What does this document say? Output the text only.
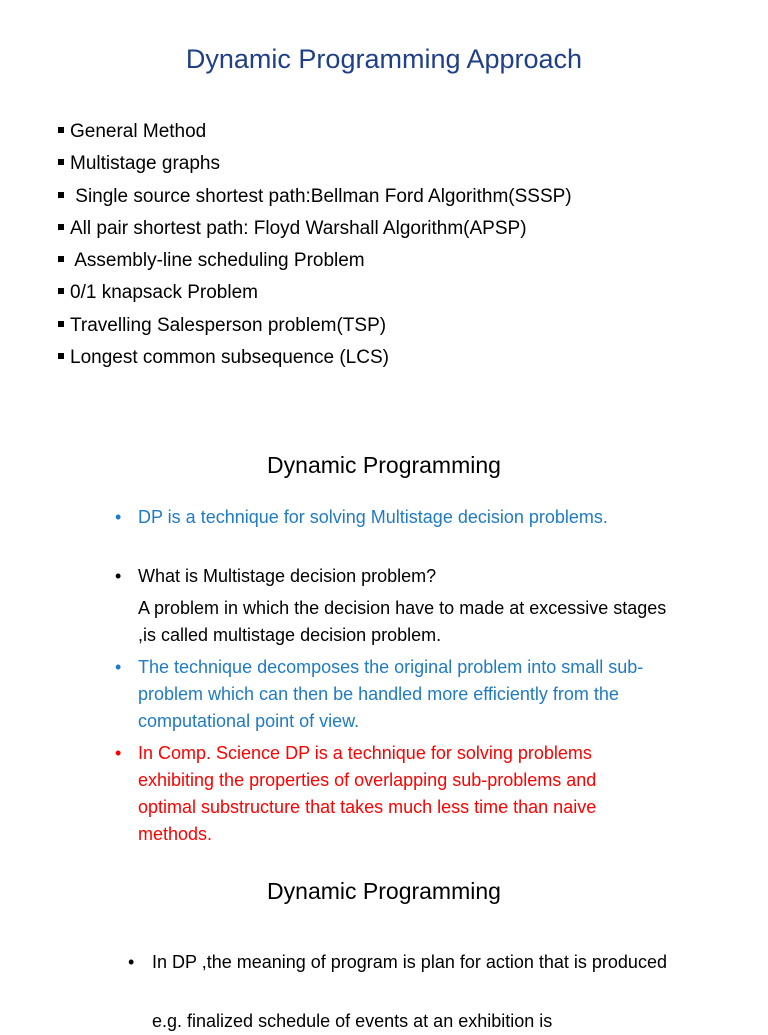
Dynamic Programming Approach
General Method
Multistage graphs
Single source shortest path:Bellman Ford Algorithm(SSSP)
All pair shortest path: Floyd Warshall Algorithm(APSP)
Assembly-line scheduling Problem
0/1 knapsack Problem
Travelling Salesperson problem(TSP)
Longest common subsequence (LCS)
Dynamic Programming
• DP is a technique for solving Multistage decision problems.
• What is Multistage decision problem?
A problem in which the decision have to made at excessive stages ,is called multistage decision problem.
• The technique decomposes the original problem into small sub-problem which can then be handled more efficiently from the computational point of view.
• In Comp. Science DP is a technique for solving problems exhibiting the properties of overlapping sub-problems and optimal substructure that takes much less time than naive methods.
Dynamic Programming
• In DP ,the meaning of program is plan for action that is produced
e.g. finalized schedule of events at an exhibition is
